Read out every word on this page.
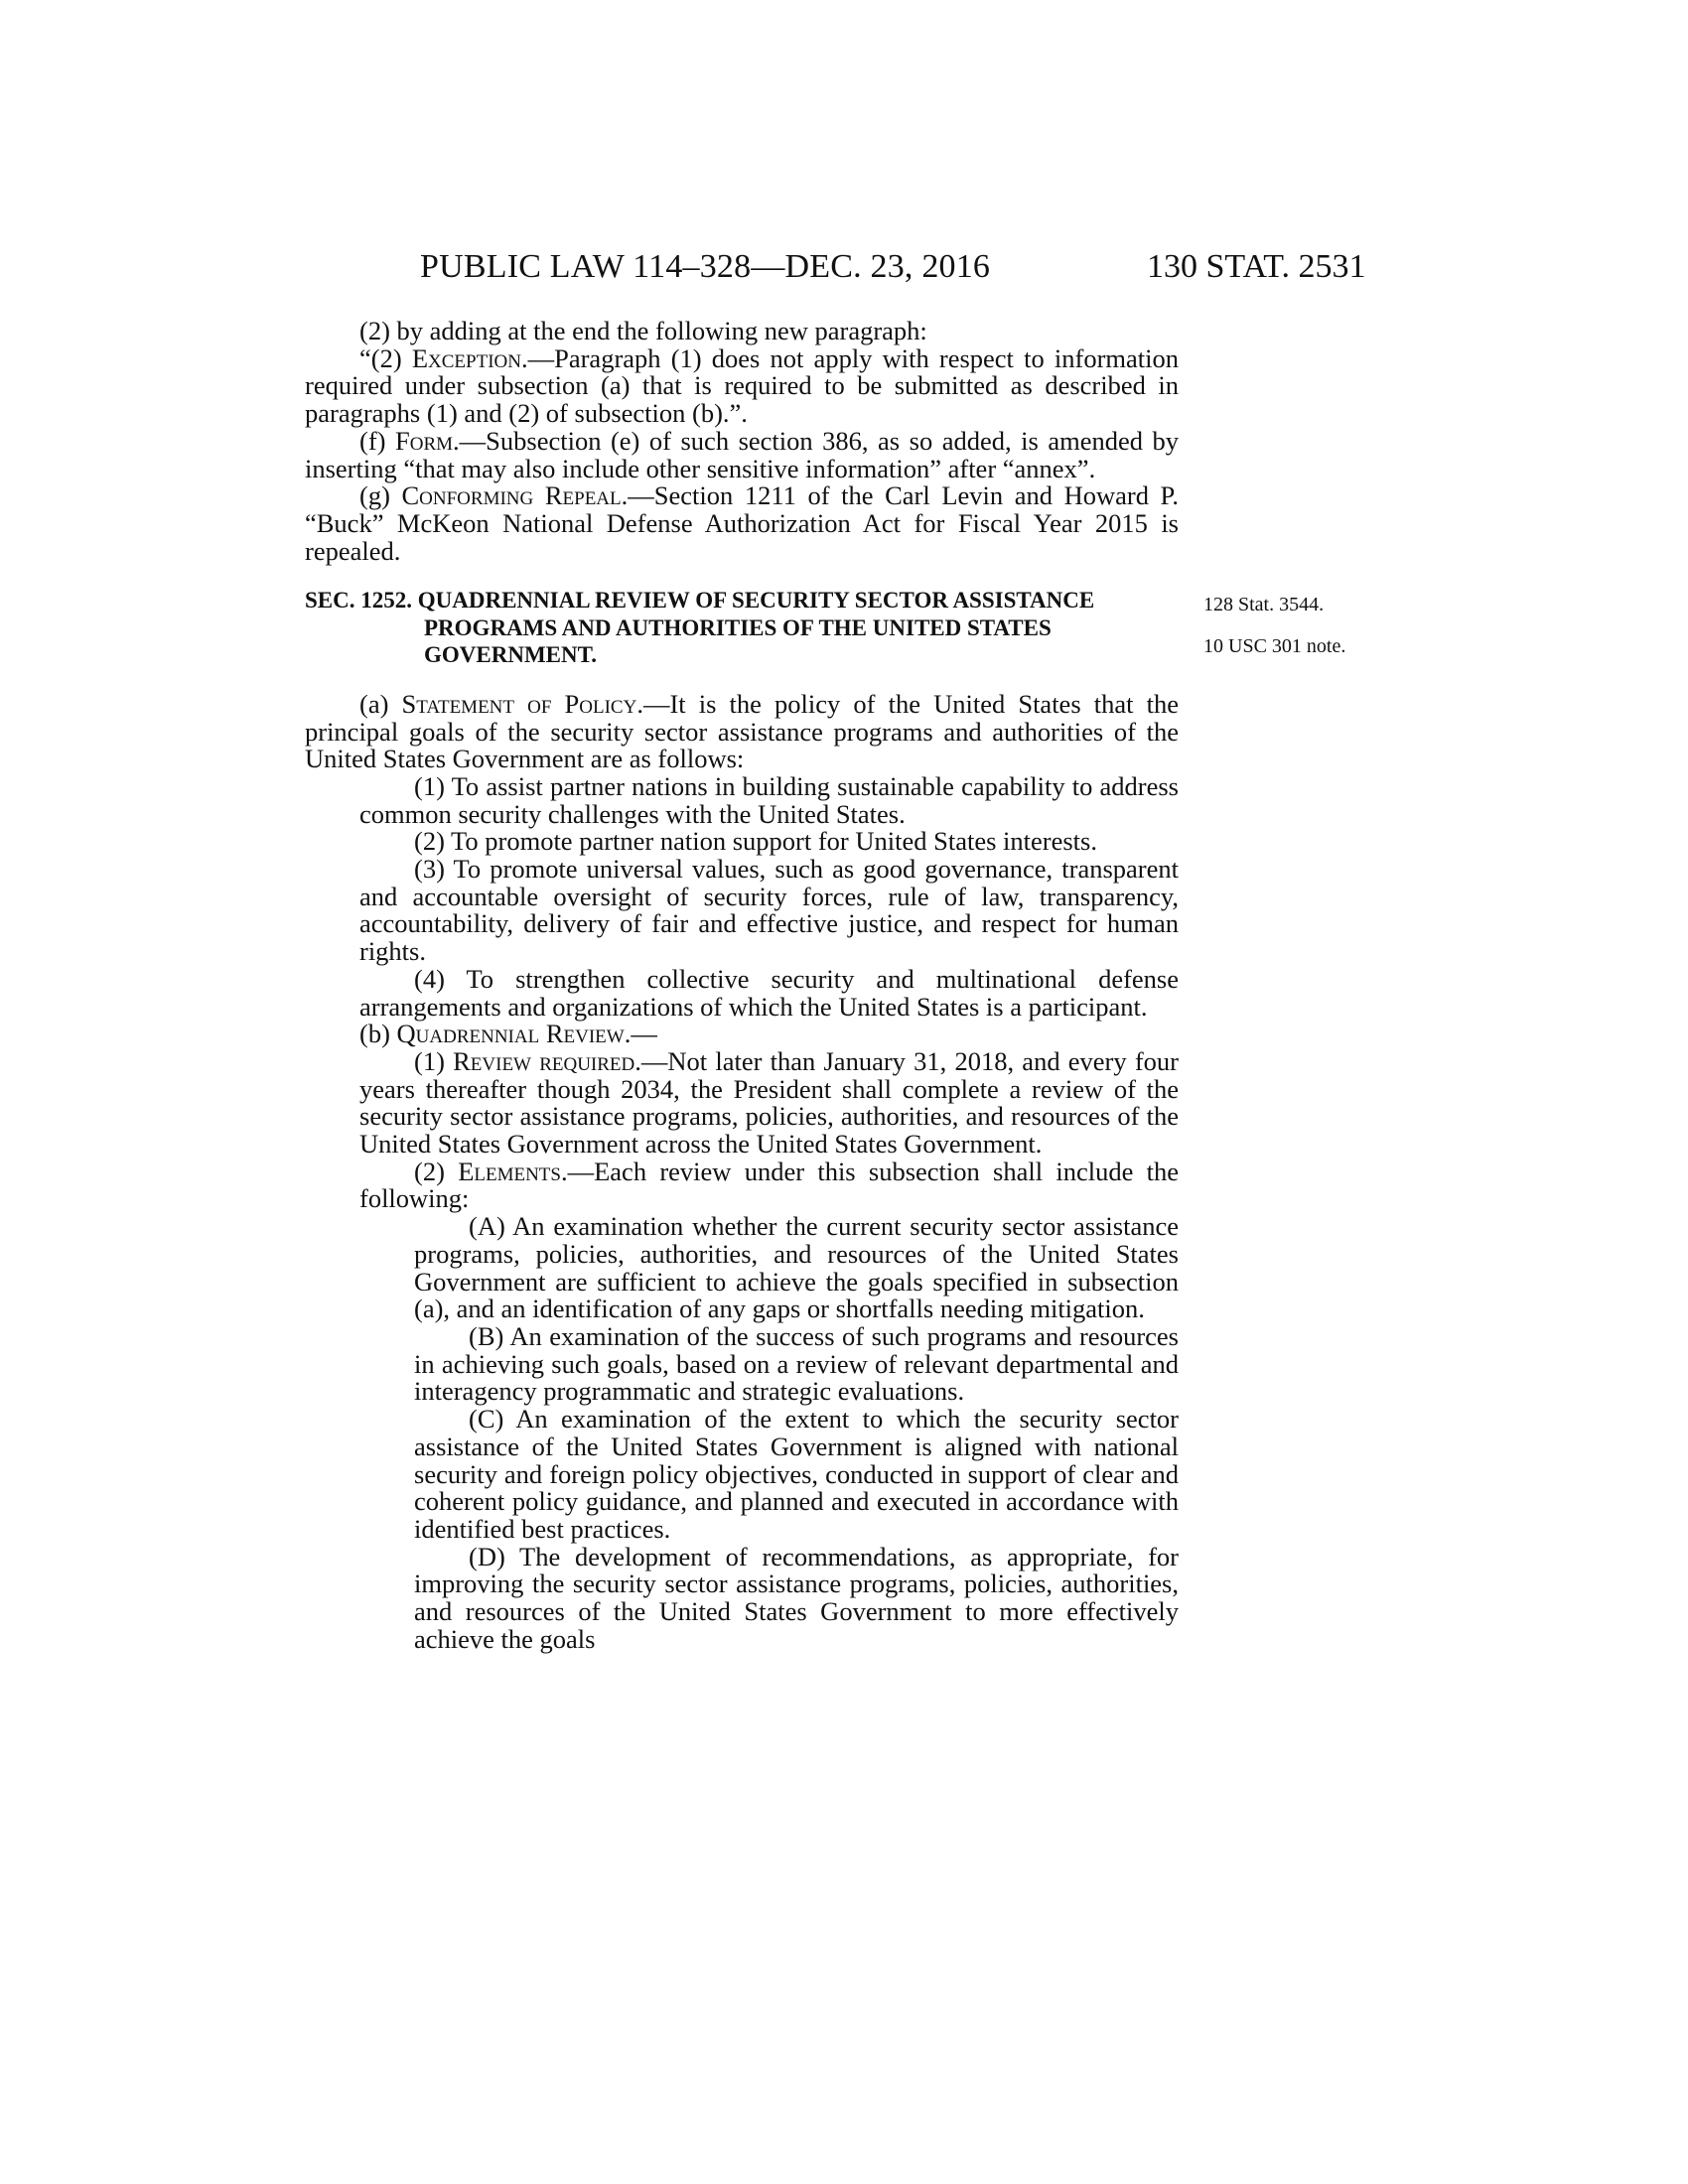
PUBLIC LAW 114–328—DEC. 23, 2016	130 STAT. 2531
128 Stat. 3544.
10 USC 301 note.

(2) by adding at the end the following new paragraph:

“(2) Exception.—Paragraph (1) does not apply with respect to information required under subsection (a) that is required to be submitted as described in paragraphs (1) and (2) of subsection (b).”.

(f) Form.—Subsection (e) of such section 386, as so added, is amended by inserting “that may also include other sensitive information” after “annex”.

(g) Conforming Repeal.—Section 1211 of the Carl Levin and Howard P. “Buck” McKeon National Defense Authorization Act for Fiscal Year 2015 is repealed.

SEC. 1252. QUADRENNIAL REVIEW OF SECURITY SECTOR ASSISTANCE PROGRAMS AND AUTHORITIES OF THE UNITED STATES GOVERNMENT.

(a) Statement of Policy.—It is the policy of the United States that the principal goals of the security sector assistance programs and authorities of the United States Government are as follows:

(1) To assist partner nations in building sustainable capability to address common security challenges with the United States.

(2) To promote partner nation support for United States interests.

(3) To promote universal values, such as good governance, transparent and accountable oversight of security forces, rule of law, transparency, accountability, delivery of fair and effective justice, and respect for human rights.

(4) To strengthen collective security and multinational defense arrangements and organizations of which the United States is a participant.

(b) Quadrennial Review.—

(1) Review required.—Not later than January 31, 2018, and every four years thereafter though 2034, the President shall complete a review of the security sector assistance programs, policies, authorities, and resources of the United States Government across the United States Government.

(2) Elements.—Each review under this subsection shall include the following:

(A) An examination whether the current security sector assistance programs, policies, authorities, and resources of the United States Government are sufficient to achieve the goals specified in subsection (a), and an identification of any gaps or shortfalls needing mitigation.

(B) An examination of the success of such programs and resources in achieving such goals, based on a review of relevant departmental and interagency programmatic and strategic evaluations.

(C) An examination of the extent to which the security sector assistance of the United States Government is aligned with national security and foreign policy objectives, conducted in support of clear and coherent policy guidance, and planned and executed in accordance with identified best practices.

(D) The development of recommendations, as appropriate, for improving the security sector assistance programs, policies, authorities, and resources of the United States Government to more effectively achieve the goals
